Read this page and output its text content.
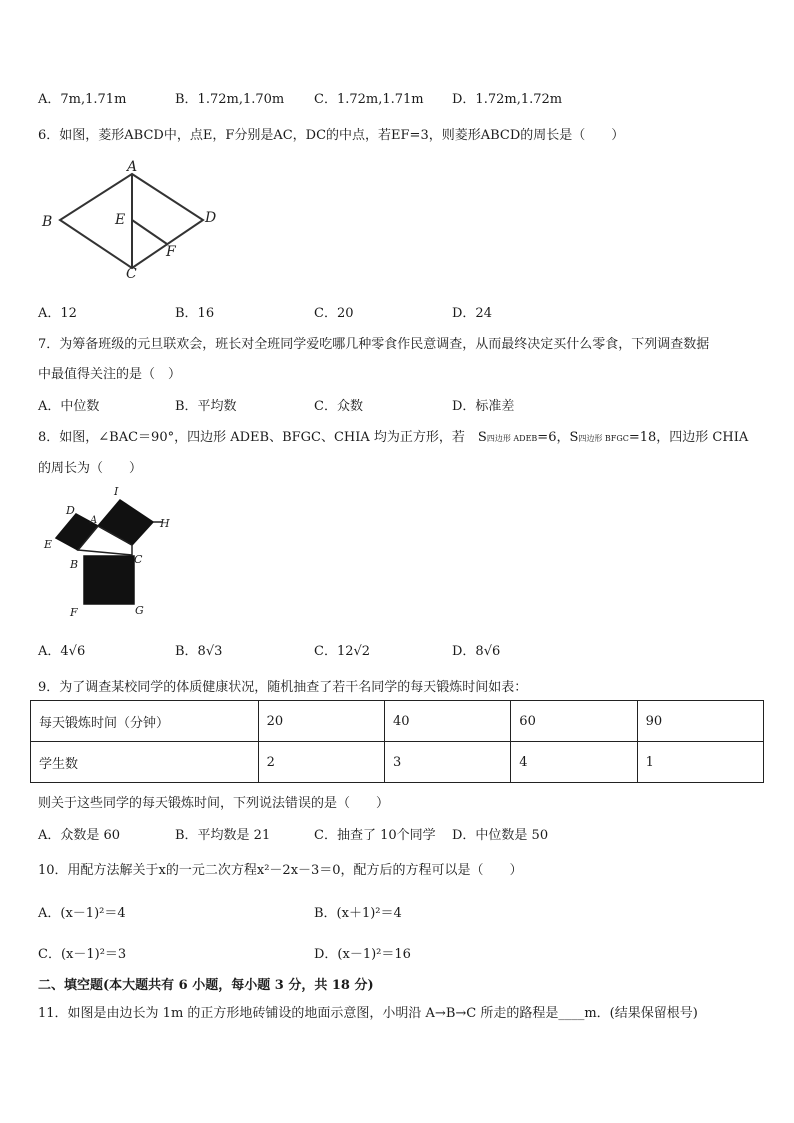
A．7m,1.71m	B．1.72m,1.70m C．1.72m,1.71m D．1.72m,1.72m
6．如图，菱形ABCD中，点E，F分别是AC，DC的中点，若EF=3，则菱形ABCD的周长是（　　）
A
B	E	D
F
C
A．12	B．16	C．20	D．24
7．为筹备班级的元旦联欢会，班长对全班同学爱吃哪几种零食作民意调查，从而最终决定买什么零食，下列调查数据
中最值得关注的是（　）
A．中位数	B．平均数	C．众数	D．标准差
8．如图，∠BAC＝90°，四边形 ADEB、BFGC、CHIA 均为正方形，若　S四边形 ADEB=6，S四边形 BFGC=18，四边形 CHIA
的周长为（　　）
I
D
A	H
E
C
B
F	G
A．4√6	B．8√3	C．12√2	D．8√6
9．为了调查某校同学的体质健康状况，随机抽查了若干名同学的每天锻炼时间如表：
每天锻炼时间（分钟）	20	40	60	90
学生数	2	3	4	1
则关于这些同学的每天锻炼时间，下列说法错误的是（　　）
A．众数是 60	B．平均数是 21	C．抽查了 10个同学 D．中位数是 50
10．用配方法解关于x的一元二次方程x²－2x－3＝0，配方后的方程可以是（　　）
A．(x－1)²＝4	B．(x＋1)²＝4
C．(x－1)²＝3	D．(x－1)²＝16
二、填空题(本大题共有 6 小题，每小题 3 分，共 18 分)
11．如图是由边长为 1m 的正方形地砖铺设的地面示意图，小明沿 A→B→C 所走的路程是____m．(结果保留根号)
